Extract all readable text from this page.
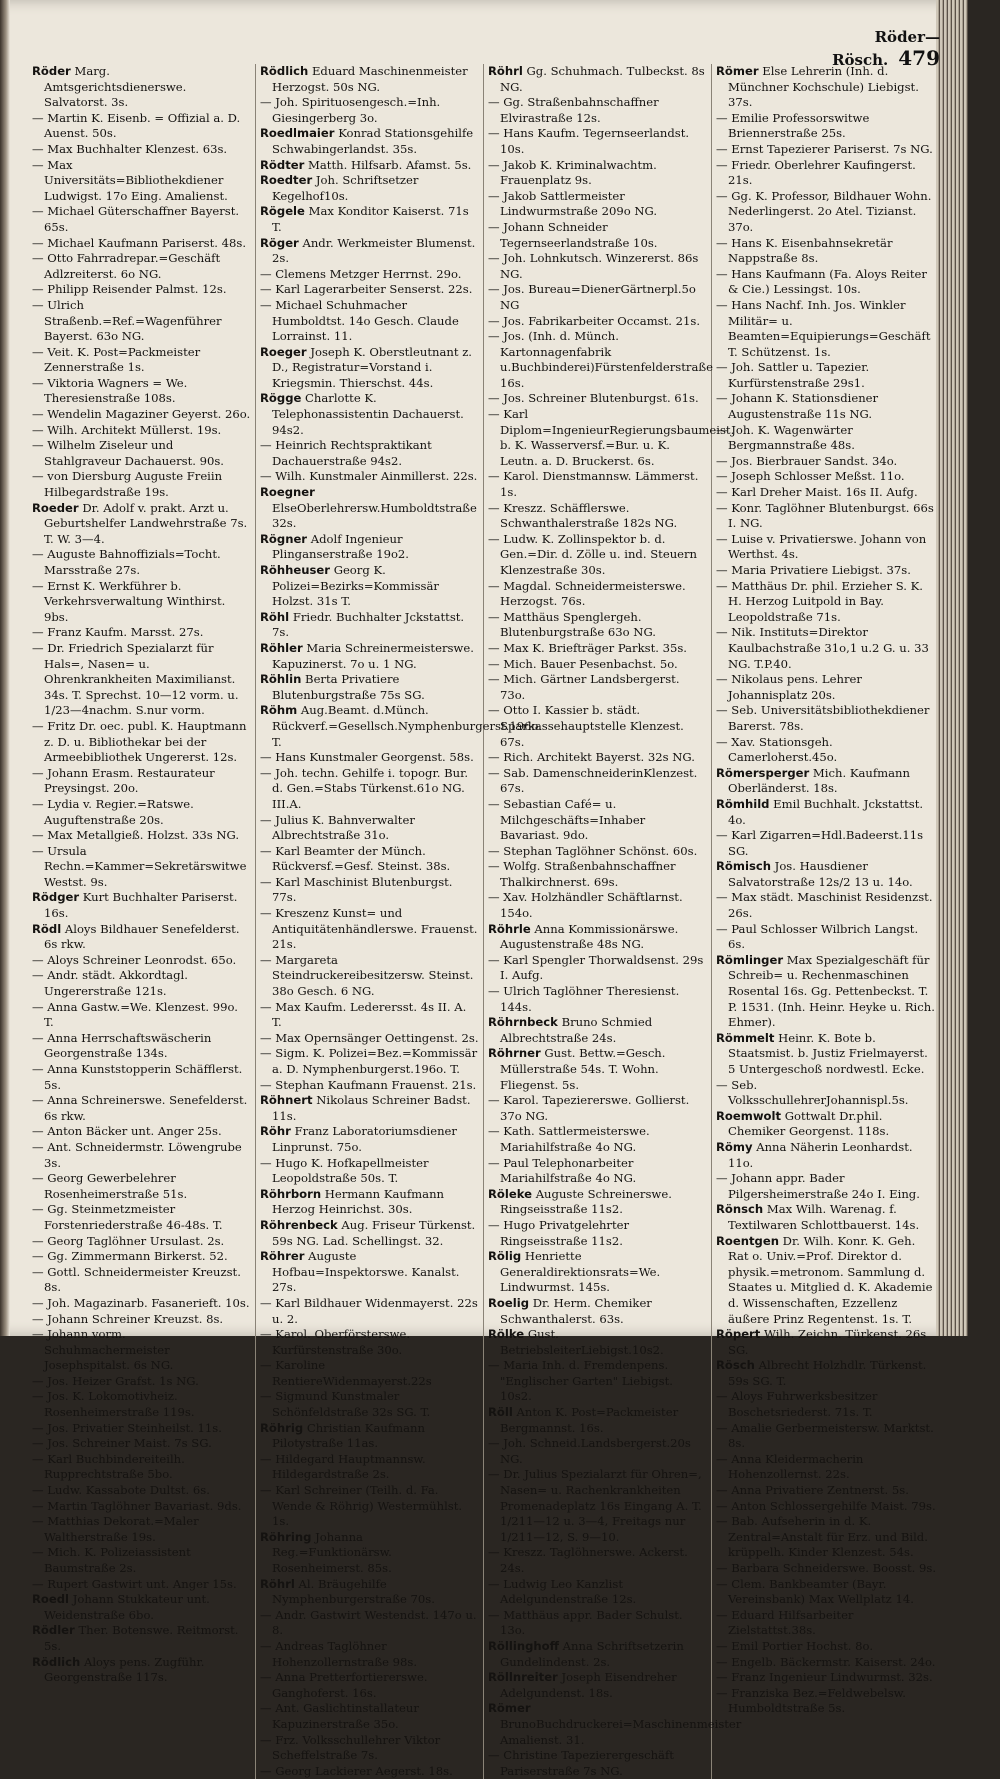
Röder—Rösch. 479

Röder Marg. Amtsgerichtsdienerswe. Salvatorst. 3s.

— Martin K. Eisenb. = Offizial a. D. Auenst. 50s.

— Max Buchhalter Klenzest. 63s.

— Max Universitäts=Bibliothekdiener Ludwigst. 17o Eing. Amalienst.

— Michael Güterschaffner Bayerst. 65s.

— Michael Kaufmann Pariserst. 48s.

— Otto Fahrradrepar.=Geschäft Adlzreiterst. 6o NG.

— Philipp Reisender Palmst. 12s.

— Ulrich Straßenb.=Ref.=Wagenführer Bayerst. 63o NG.

— Veit. K. Post=Packmeister Zennerstraße 1s.

— Viktoria Wagners = We. Theresienstraße 108s.

— Wendelin Magaziner Geyerst. 26o.

— Wilh. Architekt Müllerst. 19s.

— Wilhelm Ziseleur und Stahlgraveur Dachauerst. 90s.

— von Diersburg Auguste Freiin Hilbegardstraße 19s.

Roeder Dr. Adolf v. prakt. Arzt u. Geburtshelfer Landwehrstraße 7s. T. W. 3—4.

— Auguste Bahnoffizials=Tocht. Marsstraße 27s.

— Ernst K. Werkführer b. Verkehrsverwaltung Winthirst. 9bs.

— Franz Kaufm. Marsst. 27s.

— Dr. Friedrich Spezialarzt für Hals=, Nasen= u. Ohrenkrankheiten Maximilianst. 34s. T. Sprechst. 10—12 vorm. u. 1/23—4nachm. S.nur vorm.

— Fritz Dr. oec. publ. K. Hauptmann z. D. u. Bibliothekar bei der Armeebibliothek Ungererst. 12s.

— Johann Erasm. Restaurateur Preysingst. 20o.

— Lydia v. Regier.=Ratswe. Auguftenstraße 20s.

— Max Metallgieß. Holzst. 33s NG.

— Ursula Rechn.=Kammer=Sekretärswitwe Westst. 9s.

Rödger Kurt Buchhalter Pariserst. 16s.

Rödl Aloys Bildhauer Senefelderst. 6s rkw.

— Aloys Schreiner Leonrodst. 65o.

— Andr. städt. Akkordtagl. Ungererstraße 121s.

— Anna Gastw.=We. Klenzest. 99o. T.

— Anna Herrschaftswäscherin Georgenstraße 134s.

— Anna Kunststopperin Schäfflerst. 5s.

— Anna Schreinerswe. Senefelderst. 6s rkw.

— Anton Bäcker unt. Anger 25s.

— Ant. Schneidermstr. Löwengrube 3s.

— Georg Gewerbelehrer Rosenheimerstraße 51s.

— Gg. Steinmetzmeister Forstenriederstraße 46-48s. T.

— Georg Taglöhner Ursulast. 2s.

— Gg. Zimmermann Birkerst. 52.

— Gottl. Schneidermeister Kreuzst. 8s.

— Joh. Magazinarb. Fasanerieft. 10s.

— Johann Schreiner Kreuzst. 8s.

— Johann vorm. Schuhmachermeister Josephspitalst. 6s NG.

— Jos. Heizer Grafst. 1s NG.

— Jos. K. Lokomotivheiz. Rosenheimerstraße 119s.

— Jos. Privatier Steinheilst. 11s.

— Jos. Schreiner Maist. 7s SG.

— Karl Buchbindereiteilh. Rupprechtstraße 5bo.

— Ludw. Kassabote Dultst. 6s.

— Martin Taglöhner Bavariast. 9ds.

— Matthias Dekorat.=Maler Waltherstraße 19s.

— Mich. K. Polizeiassistent Baumstraße 2s.

— Rupert Gastwirt unt. Anger 15s.

Roedl Johann Stukkateur unt. Weidenstraße 6bo.

Rödler Ther. Botenswe. Reitmorst. 5s.

Rödlich Aloys pens. Zugführ. Georgenstraße 117s.

Rödlich Eduard Maschinenmeister Herzogst. 50s NG.

— Joh. Spirituosengesch.=Inh. Giesingerberg 3o.

Roedlmaier Konrad Stationsgehilfe Schwabingerlandst. 35s.

Rödter Matth. Hilfsarb. Afamst. 5s.

Roedter Joh. Schriftsetzer Kegelhof10s.

Rögele Max Konditor Kaiserst. 71s T.

Röger Andr. Werkmeister Blumenst. 2s.

— Clemens Metzger Herrnst. 29o.

— Karl Lagerarbeiter Senserst. 22s.

— Michael Schuhmacher Humboldtst. 14o Gesch. Claude Lorrainst. 11.

Roeger Joseph K. Oberstleutnant z. D., Registratur=Vorstand i. Kriegsmin. Thierschst. 44s.

Rögge Charlotte K. Telephonassistentin Dachauerst. 94s2.

— Heinrich Rechtspraktikant Dachauerstraße 94s2.

— Wilh. Kunstmaler Ainmillerst. 22s.

Roegner ElseOberlehrersw.Humboldtstraße 32s.

Rögner Adolf Ingenieur Plinganserstraße 19o2.

Röhheuser Georg K. Polizei=Bezirks=Kommissär Holzst. 31s T.

Röhl Friedr. Buchhalter Jckstattst. 7s.

Röhler Maria Schreinermeisterswe. Kapuzinerst. 7o u. 1 NG.

Röhlin Berta Privatiere Blutenburgstraße 75s SG.

Röhm Aug.Beamt. d.Münch. Rückverf.=Gesellsch.Nymphenburgerst.196o. T.

— Hans Kunstmaler Georgenst. 58s.

— Joh. techn. Gehilfe i. topogr. Bur. d. Gen.=Stabs Türkenst.61o NG. III.A.

— Julius K. Bahnverwalter Albrechtstraße 31o.

— Karl Beamter der Münch. Rückversf.=Gesf. Steinst. 38s.

— Karl Maschinist Blutenburgst. 77s.

— Kreszenz Kunst= und Antiquitätenhändlerswe. Frauenst. 21s.

— Margareta Steindruckereibesitzersw. Steinst. 38o Gesch. 6 NG.

— Max Kaufm. Lederersst. 4s II. A. T.

— Max Opernsänger Oettingenst. 2s.

— Sigm. K. Polizei=Bez.=Kommissär a. D. Nymphenburgerst.196o. T.

— Stephan Kaufmann Frauenst. 21s.

Röhnert Nikolaus Schreiner Badst. 11s.

Röhr Franz Laboratoriumsdiener Linprunst. 75o.

— Hugo K. Hofkapellmeister Leopoldstraße 50s. T.

Röhrborn Hermann Kaufmann Herzog Heinrichst. 30s.

Röhrenbeck Aug. Friseur Türkenst. 59s NG. Lad. Schellingst. 32.

Röhrer Auguste Hofbau=Inspektorswe. Kanalst. 27s.

— Karl Bildhauer Widenmayerst. 22s u. 2.

— Karol. Oberförsterswe. Kurfürstenstraße 30o.

— Karoline RentiereWidenmayerst.22s

— Sigmund Kunstmaler Schönfeldstraße 32s SG. T.

Röhrig Christian Kaufmann Pilotystraße 11as.

— Hildegard Hauptmannsw. Hildegardstraße 2s.

— Karl Schreiner (Teilh. d. Fa. Wende & Röhrig) Westermühlst. 1s.

Röhring Johanna Reg.=Funktionärsw. Rosenheimerst. 85s.

Röhrl Al. Bräugehilfe Nymphenburgerstraße 70s.

— Andr. Gastwirt Westendst. 147o u. 8.

— Andreas Taglöhner Hohenzollernstraße 98s.

— Anna Pretterfortiererswe. Ganghoferst. 16s.

— Ant. Gaslichtinstallateur Kapuzinerstraße 35o.

— Frz. Volksschullehrer Viktor Scheffelstraße 7s.

— Georg Lackierer Aegerst. 18s.

Röhrl Gg. Schuhmach. Tulbeckst. 8s NG.

— Gg. Straßenbahnschaffner Elvirastraße 12s.

— Hans Kaufm. Tegernseerlandst. 10s.

— Jakob K. Kriminalwachtm. Frauenplatz 9s.

— Jakob Sattlermeister Lindwurmstraße 209o NG.

— Johann Schneider Tegernseerlandstraße 10s.

— Joh. Lohnkutsch. Winzererst. 86s NG.

— Jos. Bureau=DienerGärtnerpl.5o NG

— Jos. Fabrikarbeiter Occamst. 21s.

— Jos. (Inh. d. Münch. Kartonnagenfabrik u.Buchbinderei)Fürstenfelderstraße 16s.

— Jos. Schreiner Blutenburgst. 61s.

— Karl Diplom=IngenieurRegierungsbaumeist. b. K. Wasserversf.=Bur. u. K. Leutn. a. D. Bruckerst. 6s.

— Karol. Dienstmannsw. Lämmerst. 1s.

— Kreszz. Schäfflerswe. Schwanthalerstraße 182s NG.

— Ludw. K. Zollinspektor b. d. Gen.=Dir. d. Zölle u. ind. Steuern Klenzestraße 30s.

— Magdal. Schneidermeisterswe. Herzogst. 76s.

— Matthäus Spenglergeh. Blutenburgstraße 63o NG.

— Max K. Briefträger Parkst. 35s.

— Mich. Bauer Pesenbachst. 5o.

— Mich. Gärtner Landsbergerst. 73o.

— Otto I. Kassier b. städt. Sparkassehauptstelle Klenzest. 67s.

— Rich. Architekt Bayerst. 32s NG.

— Sab. DamenschneiderinKlenzest. 67s.

— Sebastian Café= u. Milchgeschäfts=Inhaber Bavariast. 9do.

— Stephan Taglöhner Schönst. 60s.

— Wolfg. Straßenbahnschaffner Thalkirchnerst. 69s.

— Xav. Holzhändler Schäftlarnst. 154o.

Röhrle Anna Kommissionärswe. Augustenstraße 48s NG.

— Karl Spengler Thorwaldsenst. 29s I. Aufg.

— Ulrich Taglöhner Theresienst. 144s.

Röhrnbeck Bruno Schmied Albrechtstraße 24s.

Röhrner Gust. Bettw.=Gesch. Müllerstraße 54s. T. Wohn. Fliegenst. 5s.

— Karol. Tapeziererswe. Gollierst. 37o NG.

— Kath. Sattlermeisterswe. Mariahilfstraße 4o NG.

— Paul Telephonarbeiter Mariahilfstraße 4o NG.

Röleke Auguste Schreinerswe. Ringseisstraße 11s2.

— Hugo Privatgelehrter Ringseisstraße 11s2.

Rölig Henriette Generaldirektionsrats=We. Lindwurmst. 145s.

Roelig Dr. Herm. Chemiker Schwanthalerst. 63s.

Rölke Gust. BetriebsleiterLiebigst.10s2.

— Maria Inh. d. Fremdenpens. "Englischer Garten" Liebigst. 10s2.

Röll Anton K. Post=Packmeister Bergmannst. 16s.

— Joh. Schneid.Landsbergerst.20s NG.

— Dr. Julius Spezialarzt für Ohren=, Nasen= u. Rachenkrankheiten Promenadeplatz 16s Eingang A. T. 1/211—12 u. 3—4, Freitags nur 1/211—12, S. 9—10.

— Kreszz. Taglöhnerswe. Ackerst. 24s.

— Ludwig Leo Kanzlist Adelgundenstraße 12s.

— Matthäus appr. Bader Schulst. 13o.

Röllinghoff Anna Schriftsetzerin Gundelindenst. 2s.

Röllnreiter Joseph Eisendreher Adelgundenst. 18s.

Römer BrunoBuchdruckerei=Maschinenmeister Amalienst. 31.

— Christine Tapezierergeschäft Pariserstraße 7s NG.

Römer Else Lehrerin (Inh. d. Münchner Kochschule) Liebigst. 37s.

— Emilie Professorswitwe Briennerstraße 25s.

— Ernst Tapezierer Pariserst. 7s NG.

— Friedr. Oberlehrer Kaufingerst. 21s.

— Gg. K. Professor, Bildhauer Wohn. Nederlingerst. 2o Atel. Tizianst. 37o.

— Hans K. Eisenbahnsekretär Nappstraße 8s.

— Hans Kaufmann (Fa. Aloys Reiter & Cie.) Lessingst. 10s.

— Hans Nachf. Inh. Jos. Winkler Militär= u. Beamten=Equipierungs=Geschäft T. Schützenst. 1s.

— Joh. Sattler u. Tapezier. Kurfürstenstraße 29s1.

— Johann K. Stationsdiener Augustenstraße 11s NG.

— Joh. K. Wagenwärter Bergmannstraße 48s.

— Jos. Bierbrauer Sandst. 34o.

— Joseph Schlosser Meßst. 11o.

— Karl Dreher Maist. 16s II. Aufg.

— Konr. Taglöhner Blutenburgst. 66s I. NG.

— Luise v. Privatierswe. Johann von Werthst. 4s.

— Maria Privatiere Liebigst. 37s.

— Matthäus Dr. phil. Erzieher S. K. H. Herzog Luitpold in Bay. Leopoldstraße 71s.

— Nik. Instituts=Direktor Kaulbachstraße 31o,1 u.2 G. u. 33 NG. T.P.40.

— Nikolaus pens. Lehrer Johannisplatz 20s.

— Seb. Universitätsbibliothekdiener Barerst. 78s.

— Xav. Stationsgeh. Camerloherst.45o.

Römersperger Mich. Kaufmann Oberländerst. 18s.

Römhild Emil Buchhalt. Jckstattst. 4o.

— Karl Zigarren=Hdl.Badeerst.11s SG.

Römisch Jos. Hausdiener Salvatorstraße 12s/2 13 u. 14o.

— Max städt. Maschinist Residenzst. 26s.

— Paul Schlosser Wilbrich Langst. 6s.

Römlinger Max Spezialgeschäft für Schreib= u. Rechenmaschinen Rosental 16s. Gg. Pettenbeckst. T. P. 1531. (Inh. Heinr. Heyke u. Rich. Ehmer).

Römmelt Heinr. K. Bote b. Staatsmist. b. Justiz Frielmayerst. 5 Untergeschoß nordwestl. Ecke.

— Seb. VolksschullehrerJohannispl.5s.

Roemwolt Gottwalt Dr.phil. Chemiker Georgenst. 118s.

Römy Anna Näherin Leonhardst. 11o.

— Johann appr. Bader Pilgersheimerstraße 24o I. Eing.

Rönsch Max Wilh. Warenag. f. Textilwaren Schlottbauerst. 14s.

Roentgen Dr. Wilh. Konr. K. Geh. Rat o. Univ.=Prof. Direktor d. physik.=metronom. Sammlung d. Staates u. Mitglied d. K. Akademie d. Wissenschaften, Ezzellenz äußere Prinz Regentenst. 1s. T.

Röpert Wilh. Zeichn. Türkenst. 26s SG.

Rösch Albrecht Holzhdlr. Türkenst. 59s SG. T.

— Aloys Fuhrwerksbesitzer Boschetsriederst. 71s. T.

— Amalie Gerbermeistersw. Marktst. 8s.

— Anna Kleidermacherin Hohenzollernst. 22s.

— Anna Privatiere Zentnerst. 5s.

— Anton Schlossergehilfe Maist. 79s.

— Bab. Aufseherin in d. K. Zentral=Anstalt für Erz. und Bild. krüppelh. Kinder Klenzest. 54s.

— Barbara Schneiderswe. Boosst. 9s.

— Clem. Bankbeamter (Bayr. Vereinsbank) Max Wellplatz 14.

— Eduard Hilfsarbeiter Zielstattst.38s.

— Emil Portier Hochst. 8o.

— Engelb. Bäckermstr. Kaiserst. 24o.

— Franz Ingenieur Lindwurmst. 32s.

— Franziska Bez.=Feldwebelsw. Humboldtstraße 5s.
